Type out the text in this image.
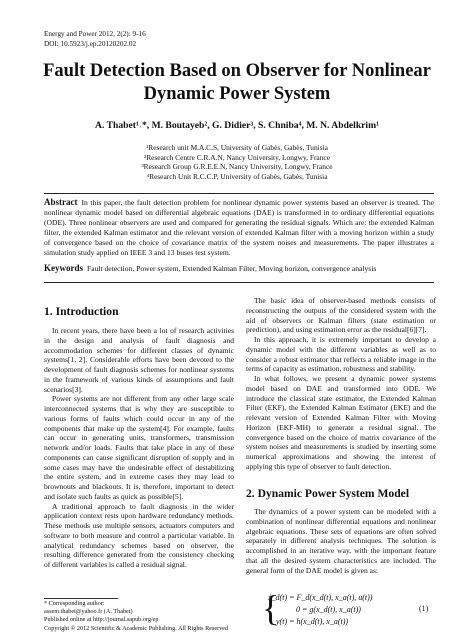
Energy and Power 2012, 2(2): 9-16
DOI: 10.5923/j.ep.20120202.02
Fault Detection Based on Observer for Nonlinear
Dynamic Power System
A. Thabet¹˒*, M. Boutayeb², G. Didier³, S. Chniba⁴, M. N. Abdelkrim¹
¹Research unit M.A.C.S, University of Gabès, Gabès, Tunisia
²Research Centre C.R.A.N, Nancy University, Longwy, France
³Research Group G.R.E.E.N, Nancy University, Longwy, France
⁴Research Unit R.C.C.P, University of Gabès, Gabès, Tunisia
Abstract In this paper, the fault detection problem for nonlinear dynamic power systems based an observer is treated. The nonlinear dynamic model based on differential algebraic equations (DAE) is transformed in to ordinary differential equations (ODE). Three nonlinear observers are used and compared for generating the residual signals. Which are: the extended Kalman filter, the extended Kalman estimator and the relevant version of extended Kalman filter with a moving horizon within a study of convergence based on the choice of covariance matrix of the system noises and measurements. The paper illustrates a simulation study applied on IEEE 3 and 13 buses test system.
Keywords Fault detection, Power system, Extended Kalman Filter, Moving horizon, convergence analysis
1. Introduction

In recent years, there have been a lot of research activities in the design and analysis of fault diagnosis and accommodation schemes for different classes of dynamic systems[1, 2]. Considerable efforts have been devoted to the development of fault diagnosis schemes for nonlinear systems in the framework of various kinds of assumptions and fault scenarios[3].

Power systems are not different from any other large scale interconnected systems that is why they are susceptible to various forms of faults which could occur in any of the components that make up the system[4]. For example, faults can occur in generating units, transformers, transmission network and/or loads. Faults that take place in any of these components can cause significant disruption of supply and in some cases may have the undesirable effect of destabilizing the entire system, and in extreme cases they may lead to brownouts and blackouts. It is, therefore, important to detect and isolate such faults as quick as possible[5].

A traditional approach to fault diagnosis in the wider application context rests upon hardware redundancy methods. These methods use multiple sensors, actuators computers and software to both measure and control a particular variable. In analytical redundancy schemes based on observer, the resulting difference generated from the consistency checking of different variables is called a residual signal.

The basic idea of observer-based methods consists of reconstructing the outputs of the considered system with the aid of observers or Kalman filters (state estimation or prediction), and using estimation error as the residual[6][7].

In this approach, it is extremely important to develop a dynamic model with the different variables as well as to consider a robust estimator that reflects a reliable image in the terms of capacity as estimation, robustness and stability.

In what follows, we present a dynamic power systems model based on DAE and transformed into ODE. We introduce the classical state estimator, the Extended Kalman Filter (EKF), the Extended Kalman Estimator (EKE) and the relevant version of Extended Kalman Filter with Moving Horizon (EKF-MH) to generate a residual signal. The convergence based on the choice of matrix covariance of the system noises and measurements is studied by inserting some numerical approximations and showing the interest of applying this type of observer to fault detection.

2. Dynamic Power System Model

The dynamics of a power system can be modeled with a combination of nonlinear differential equations and nonlinear algebraic equations. These sets of equations are often solved separately in different analysis techniques. The solution is accomplished in an iterative way, with the important feature that all the desired system characteristics are included. The general form of the DAE model is given as:

{
ẋ_d(t) = F_d(x_d(t), x_a(t), u(t))
0 = g(x_d(t), x_a(t))
y(t) = h(x_d(t), x_a(t))
(1)
* Corresponding author:
assem.thabet@yahoo.fr (A. Thabet)
Published online at http://journal.sapub.org/ep
Copyright © 2012 Scientific & Academic Publishing. All Rights Reserved
